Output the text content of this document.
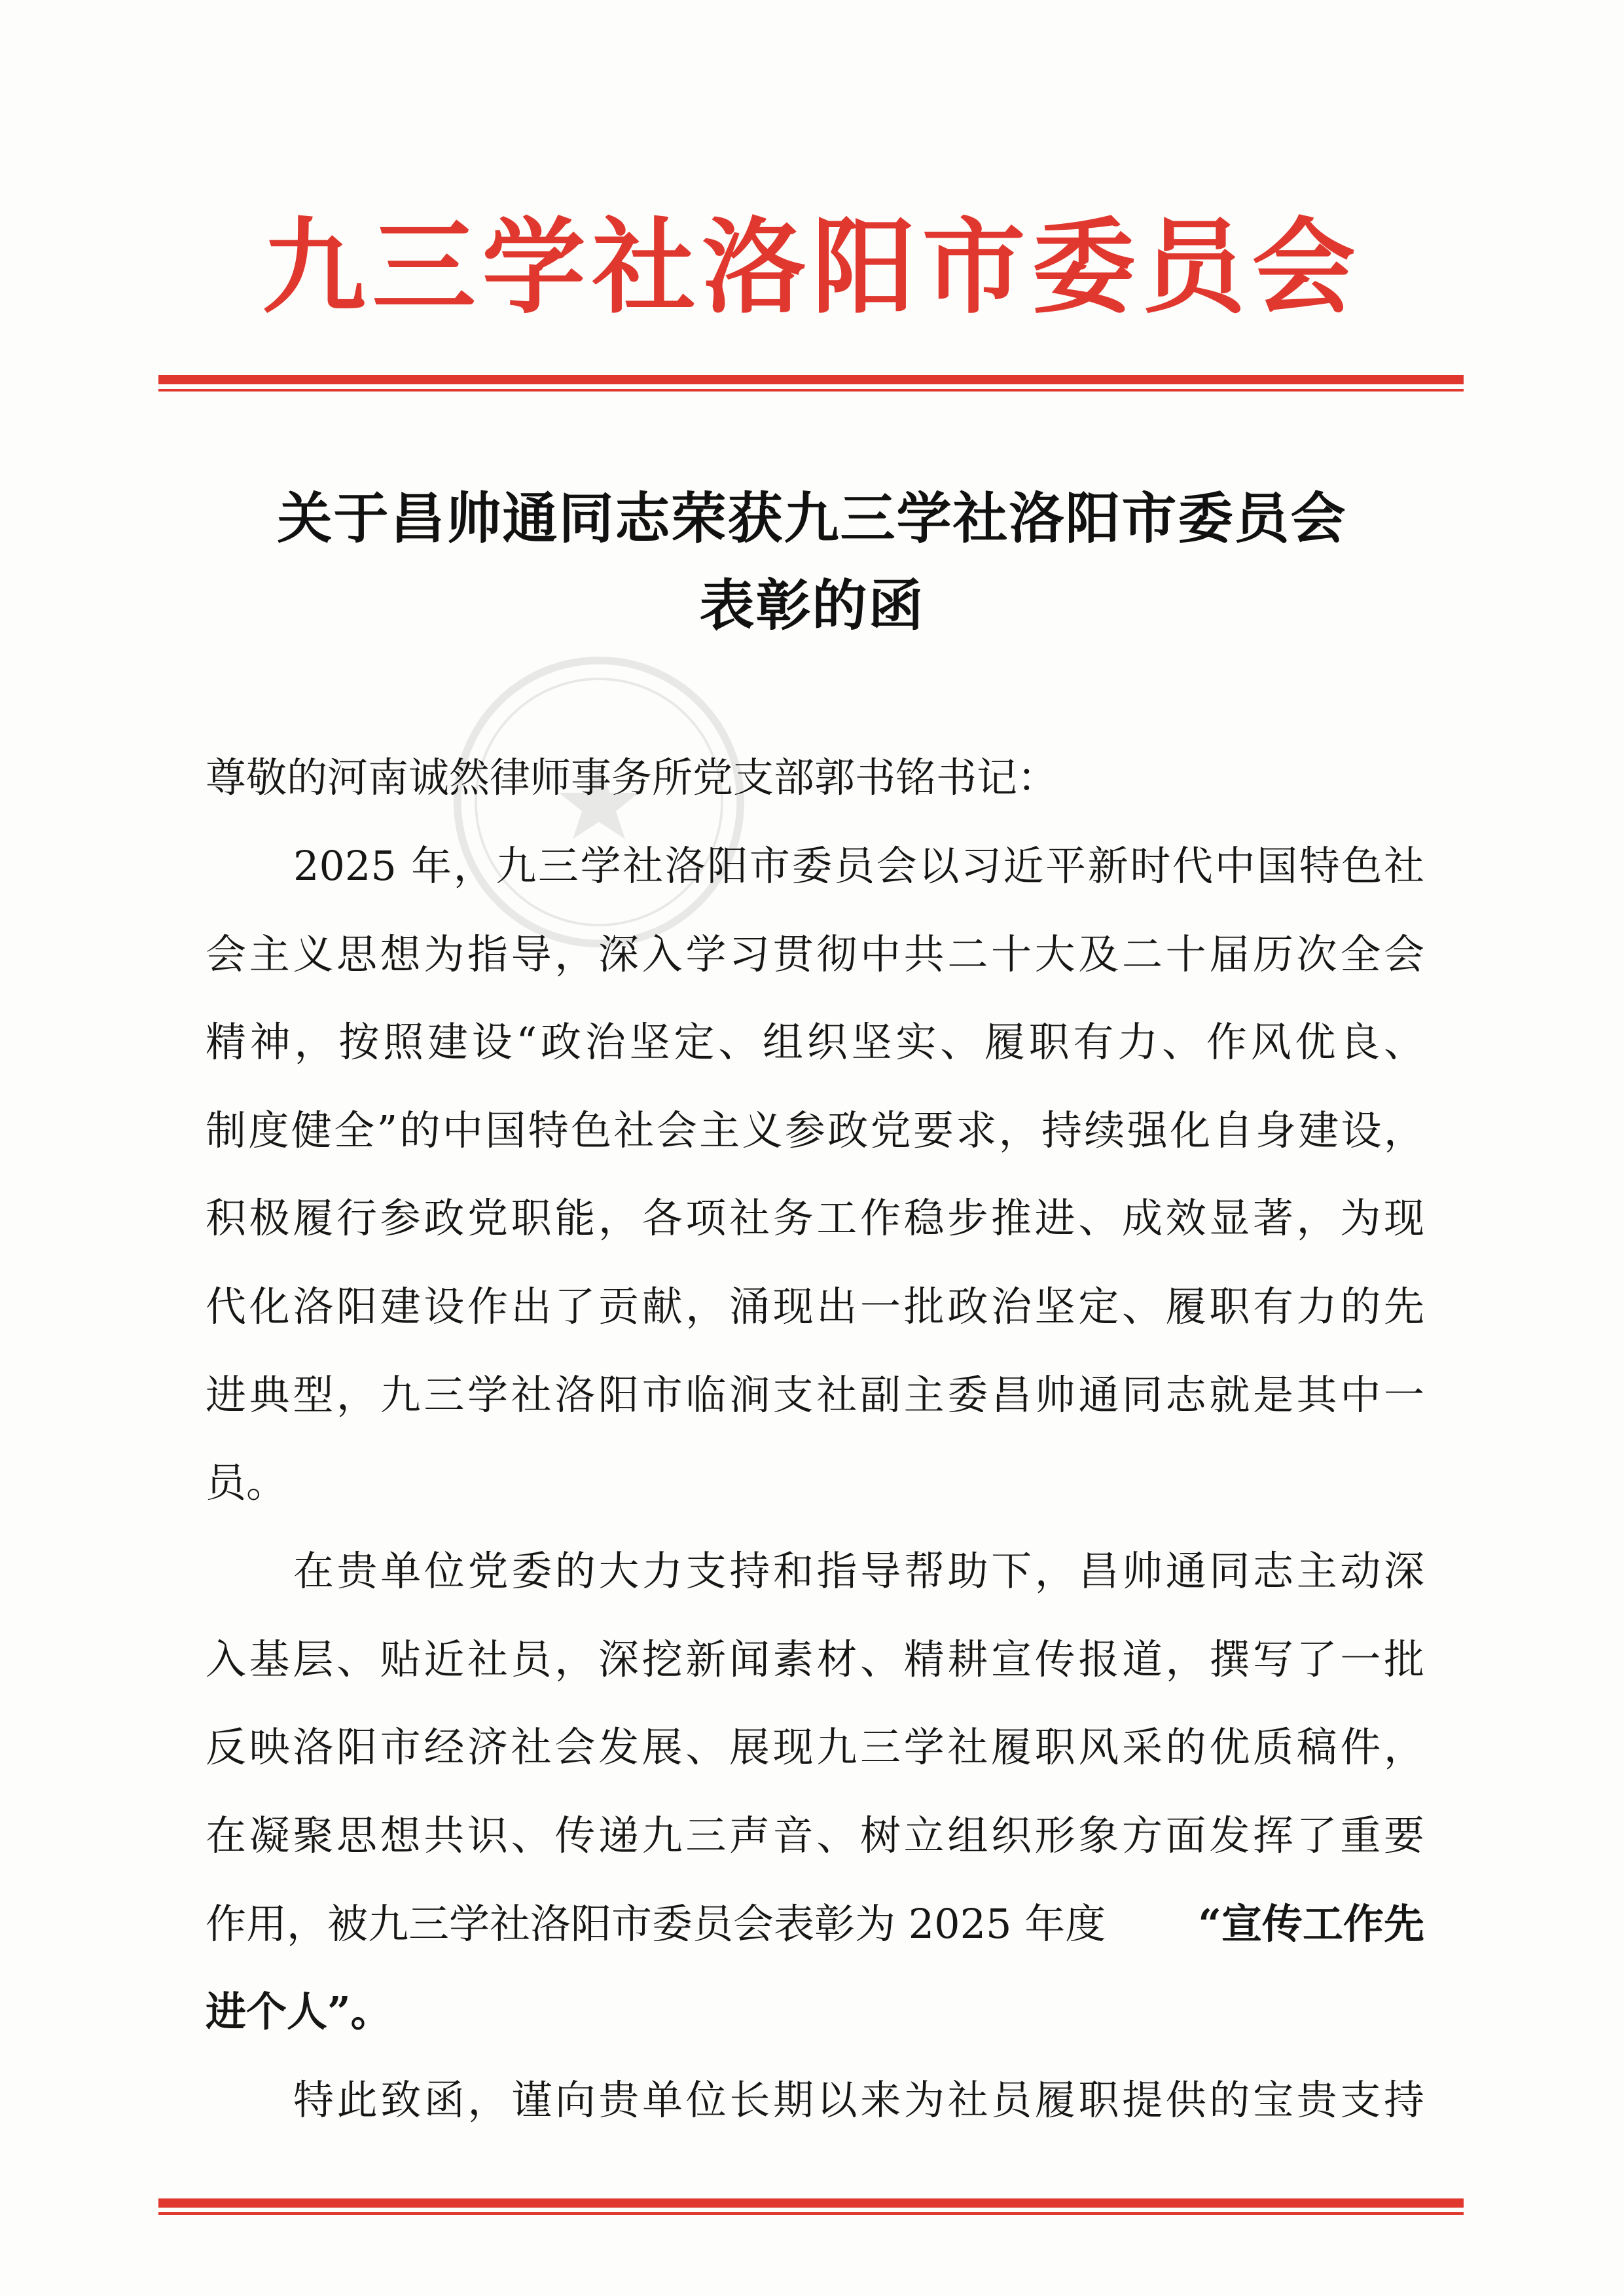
九三学社洛阳市委员会
关于昌帅通同志荣获九三学社洛阳市委员会
表彰的函
尊敬的河南诚然律师事务所党支部郭书铭书记：
2025 年，九三学社洛阳市委员会以习近平新时代中国特色社
会主义思想为指导，深入学习贯彻中共二十大及二十届历次全会
精神，按照建设“政治坚定、组织坚实、履职有力、作风优良、
制度健全”的中国特色社会主义参政党要求，持续强化自身建设，
积极履行参政党职能，各项社务工作稳步推进、成效显著，为现
代化洛阳建设作出了贡献，涌现出一批政治坚定、履职有力的先
进典型，九三学社洛阳市临涧支社副主委昌帅通同志就是其中一
员。
在贵单位党委的大力支持和指导帮助下，昌帅通同志主动深
入基层、贴近社员，深挖新闻素材、精耕宣传报道，撰写了一批
反映洛阳市经济社会发展、展现九三学社履职风采的优质稿件，
在凝聚思想共识、传递九三声音、树立组织形象方面发挥了重要
作用，被九三学社洛阳市委员会表彰为 2025 年度 “宣传工作先
进个人”。
特此致函，谨向贵单位长期以来为社员履职提供的宝贵支持
